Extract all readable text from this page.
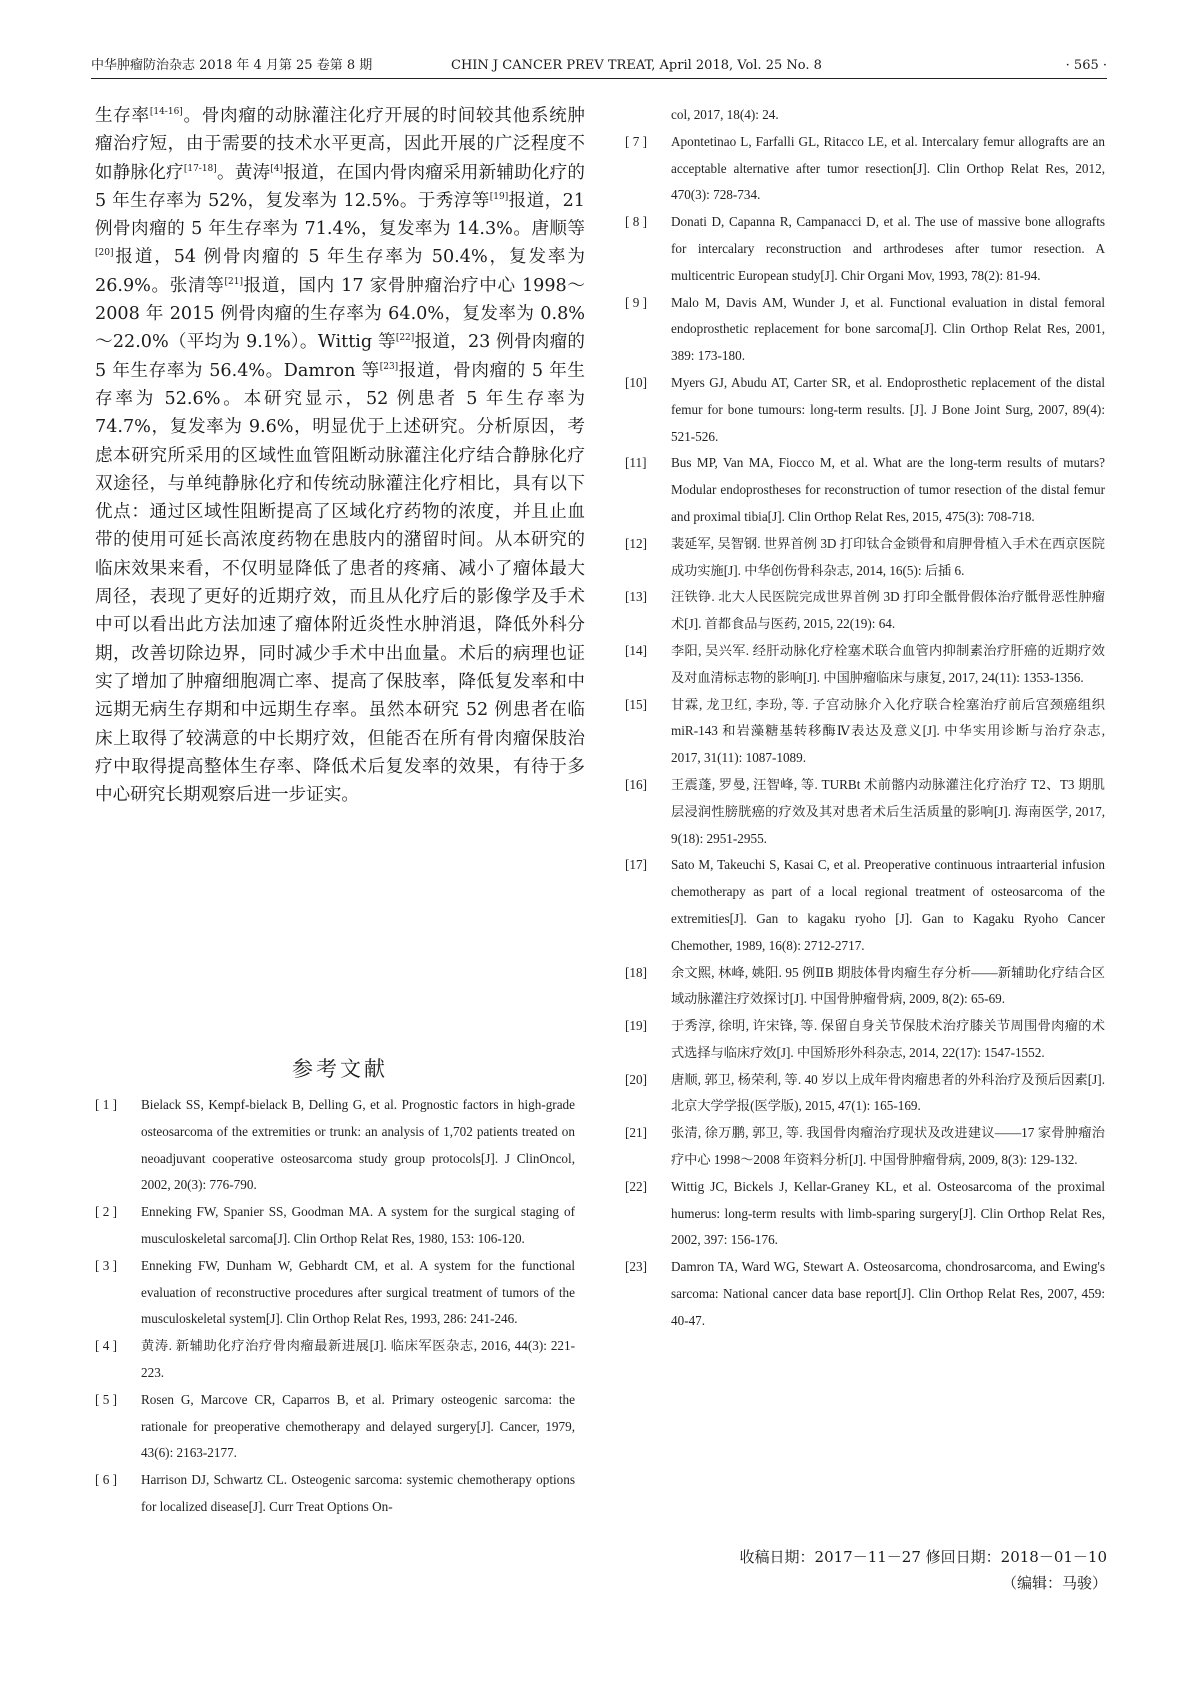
中华肿瘤防治杂志 2018 年 4 月第 25 卷第 8 期	CHIN J CANCER PREV TREAT, April 2018, Vol. 25 No. 8	· 565 ·

生存率[14-16]。骨肉瘤的动脉灌注化疗开展的时间较其他系统肿瘤治疗短，由于需要的技术水平更高，因此开展的广泛程度不如静脉化疗[17-18]。黄涛[4]报道，在国内骨肉瘤采用新辅助化疗的 5 年生存率为 52%，复发率为 12.5%。于秀淳等[19]报道，21 例骨肉瘤的 5 年生存率为 71.4%，复发率为 14.3%。唐顺等[20]报道，54 例骨肉瘤的 5 年生存率为 50.4%，复发率为 26.9%。张清等[21]报道，国内 17 家骨肿瘤治疗中心 1998～2008 年 2015 例骨肉瘤的生存率为 64.0%，复发率为 0.8%～22.0%（平均为 9.1%）。Wittig 等[22]报道，23 例骨肉瘤的 5 年生存率为 56.4%。Damron 等[23]报道，骨肉瘤的 5 年生存率为 52.6%。本研究显示，52 例患者 5 年生存率为 74.7%，复发率为 9.6%，明显优于上述研究。分析原因，考虑本研究所采用的区域性血管阻断动脉灌注化疗结合静脉化疗双途径，与单纯静脉化疗和传统动脉灌注化疗相比，具有以下优点：通过区域性阻断提高了区域化疗药物的浓度，并且止血带的使用可延长高浓度药物在患肢内的潴留时间。从本研究的临床效果来看，不仅明显降低了患者的疼痛、减小了瘤体最大周径，表现了更好的近期疗效，而且从化疗后的影像学及手术中可以看出此方法加速了瘤体附近炎性水肿消退，降低外科分期，改善切除边界，同时减少手术中出血量。术后的病理也证实了增加了肿瘤细胞凋亡率、提高了保肢率，降低复发率和中远期无病生存期和中远期生存率。虽然本研究 52 例患者在临床上取得了较满意的中长期疗效，但能否在所有骨肉瘤保肢治疗中取得提高整体生存率、降低术后复发率的效果，有待于多中心研究长期观察后进一步证实。

参考文献
[ 1 ] Bielack SS, Kempf-bielack B, Delling G, et al. Prognostic factors in high-grade osteosarcoma of the extremities or trunk: an analysis of 1,702 patients treated on neoadjuvant cooperative osteosarcoma study group protocols[J]. J ClinOncol, 2002, 20(3): 776-790.
[ 2 ] Enneking FW, Spanier SS, Goodman MA. A system for the surgical staging of musculoskeletal sarcoma[J]. Clin Orthop Relat Res, 1980, 153: 106-120.
[ 3 ] Enneking FW, Dunham W, Gebhardt CM, et al. A system for the functional evaluation of reconstructive procedures after surgical treatment of tumors of the musculoskeletal system[J]. Clin Orthop Relat Res, 1993, 286: 241-246.
[ 4 ] 黄涛. 新辅助化疗治疗骨肉瘤最新进展[J]. 临床军医杂志, 2016, 44(3): 221-223.
[ 5 ] Rosen G, Marcove CR, Caparros B, et al. Primary osteogenic sarcoma: the rationale for preoperative chemotherapy and delayed surgery[J]. Cancer, 1979, 43(6): 2163-2177.
[ 6 ] Harrison DJ, Schwartz CL. Osteogenic sarcoma: systemic chemotherapy options for localized disease[J]. Curr Treat Options On-
col, 2017, 18(4): 24.
[ 7 ] Apontetinao L, Farfalli GL, Ritacco LE, et al. Intercalary femur allografts are an acceptable alternative after tumor resection[J]. Clin Orthop Relat Res, 2012, 470(3): 728-734.
[ 8 ] Donati D, Capanna R, Campanacci D, et al. The use of massive bone allografts for intercalary reconstruction and arthrodeses after tumor resection. A multicentric European study[J]. Chir Organi Mov, 1993, 78(2): 81-94.
[ 9 ] Malo M, Davis AM, Wunder J, et al. Functional evaluation in distal femoral endoprosthetic replacement for bone sarcoma[J]. Clin Orthop Relat Res, 2001, 389: 173-180.
[10] Myers GJ, Abudu AT, Carter SR, et al. Endoprosthetic replacement of the distal femur for bone tumours: long-term results. [J]. J Bone Joint Surg, 2007, 89(4): 521-526.
[11] Bus MP, Van MA, Fiocco M, et al. What are the long-term results of mutars? Modular endoprostheses for reconstruction of tumor resection of the distal femur and proximal tibia[J]. Clin Orthop Relat Res, 2015, 475(3): 708-718.
[12] 裴延军, 吴智钢. 世界首例 3D 打印钛合金锁骨和肩胛骨植入手术在西京医院成功实施[J]. 中华创伤骨科杂志, 2014, 16(5): 后插 6.
[13] 汪铁铮. 北大人民医院完成世界首例 3D 打印全骶骨假体治疗骶骨恶性肿瘤术[J]. 首都食品与医药, 2015, 22(19): 64.
[14] 李阳, 吴兴军. 经肝动脉化疗栓塞术联合血管内抑制素治疗肝癌的近期疗效及对血清标志物的影响[J]. 中国肿瘤临床与康复, 2017, 24(11): 1353-1356.
[15] 甘霖, 龙卫红, 李玢, 等. 子宫动脉介入化疗联合栓塞治疗前后宫颈癌组织 miR-143 和岩藻糖基转移酶Ⅳ表达及意义[J]. 中华实用诊断与治疗杂志, 2017, 31(11): 1087-1089.
[16] 王震蓬, 罗曼, 汪智峰, 等. TURBt 术前髂内动脉灌注化疗治疗 T2、T3 期肌层浸润性膀胱癌的疗效及其对患者术后生活质量的影响[J]. 海南医学, 2017, 9(18): 2951-2955.
[17] Sato M, Takeuchi S, Kasai C, et al. Preoperative continuous intraarterial infusion chemotherapy as part of a local regional treatment of osteosarcoma of the extremities[J]. Gan to kagaku ryoho [J]. Gan to Kagaku Ryoho Cancer Chemother, 1989, 16(8): 2712-2717.
[18] 余文熙, 林峰, 姚阳. 95 例ⅡB 期肢体骨肉瘤生存分析——新辅助化疗结合区域动脉灌注疗效探讨[J]. 中国骨肿瘤骨病, 2009, 8(2): 65-69.
[19] 于秀淳, 徐明, 许宋锋, 等. 保留自身关节保肢术治疗膝关节周围骨肉瘤的术式选择与临床疗效[J]. 中国矫形外科杂志, 2014, 22(17): 1547-1552.
[20] 唐顺, 郭卫, 杨荣利, 等. 40 岁以上成年骨肉瘤患者的外科治疗及预后因素[J]. 北京大学学报(医学版), 2015, 47(1): 165-169.
[21] 张清, 徐万鹏, 郭卫, 等. 我国骨肉瘤治疗现状及改进建议——17 家骨肿瘤治疗中心 1998～2008 年资料分析[J]. 中国骨肿瘤骨病, 2009, 8(3): 129-132.
[22] Wittig JC, Bickels J, Kellar-Graney KL, et al. Osteosarcoma of the proximal humerus: long-term results with limb-sparing surgery[J]. Clin Orthop Relat Res, 2002, 397: 156-176.
[23] Damron TA, Ward WG, Stewart A. Osteosarcoma, chondrosarcoma, and Ewing's sarcoma: National cancer data base report[J]. Clin Orthop Relat Res, 2007, 459: 40-47.
收稿日期：2017－11－27 修回日期：2018－01－10
（编辑：马骏）
